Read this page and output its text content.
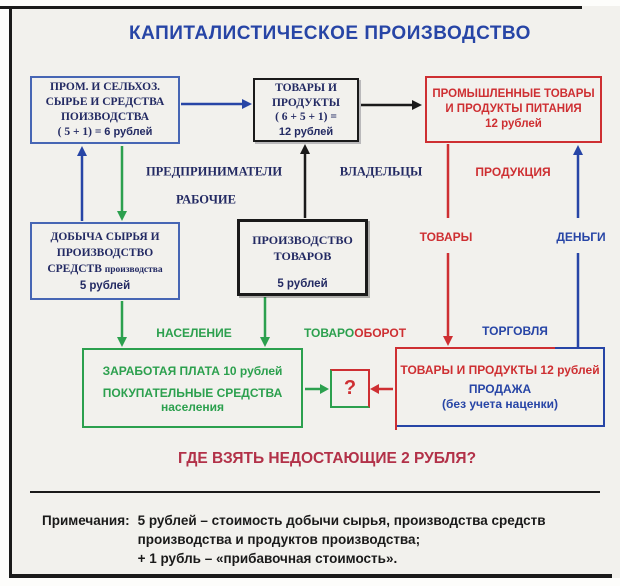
КАПИТАЛИСТИЧЕСКОЕ ПРОИЗВОДСТВО
ПРОМ. И СЕЛЬХОЗ.
СЫРЬЕ И СРЕДСТВА
ПОИЗВОДСТВА
( 5 + 1) = 6 рублей
ТОВАРЫ И
ПРОДУКТЫ
( 6 + 5 + 1) =
12 рублей
ПРОМЫШЛЕННЫЕ ТОВАРЫ
И ПРОДУКТЫ ПИТАНИЯ
12 рублей
ДОБЫЧА СЫРЬЯ И
ПРОИЗВОДСТВО
СРЕДСТВ производства
5 рублей
ПРОИЗВОДСТВО
ТОВАРОВ
5 рублей
ЗАРАБОТАЯ ПЛАТА 10 рублей
ПОКУПАТЕЛЬНЫЕ СРЕДСТВА
населения
?
ТОВАРЫ И ПРОДУКТЫ 12 рублей
ПРОДАЖА
(без учета наценки)
ПРЕДПРИНИМАТЕЛИ	ВЛАДЕЛЬЦЫ
РАБОЧИЕ
ПРОДУКЦИЯ
ТОВАРЫ	ДЕНЬГИ
НАСЕЛЕНИЕ	ТОВАРООБОРОТ	ТОРГОВЛЯ
ГДЕ ВЗЯТЬ НЕДОСТАЮЩИЕ 2 РУБЛЯ?
Примечания: 5 рублей – стоимость добычи сырья, производства средств
производства и продуктов производства;
+ 1 рубль – «прибавочная стоимость».
